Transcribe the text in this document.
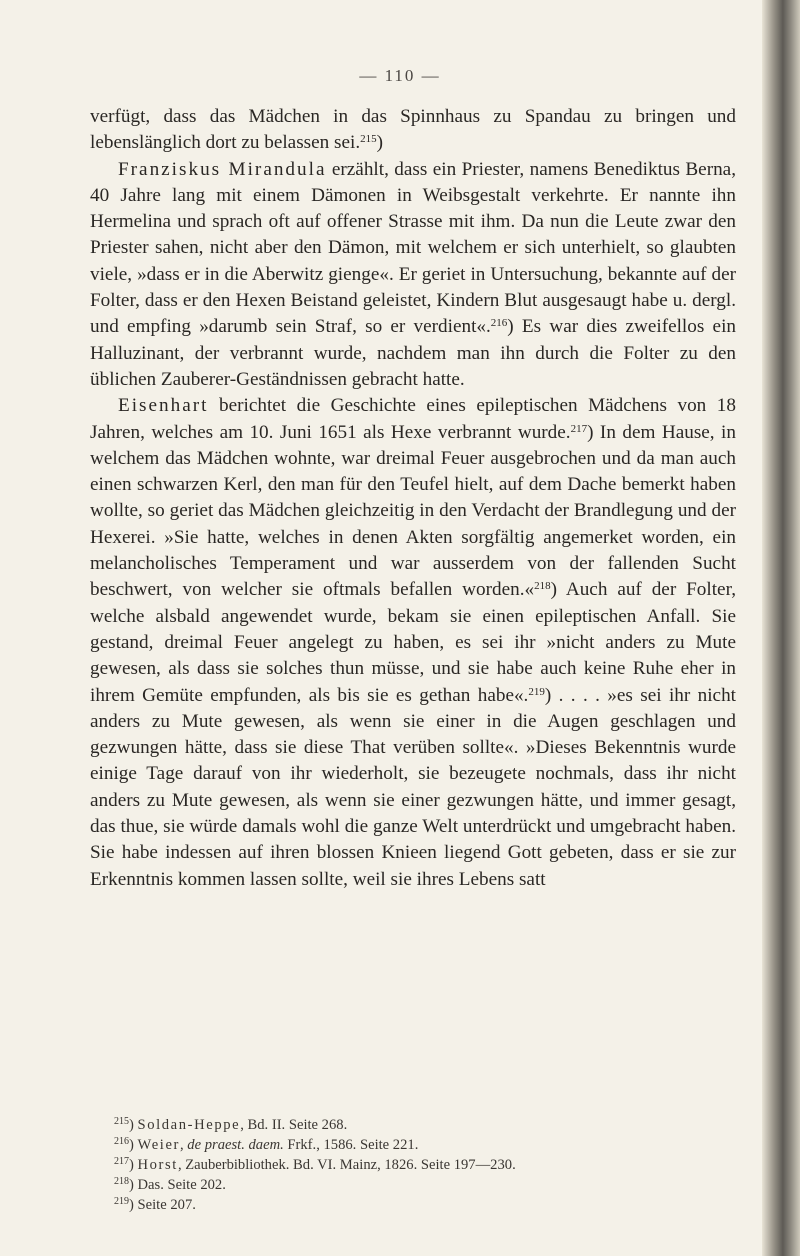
— 110 —

verfügt, dass das Mädchen in das Spinnhaus zu Spandau zu bringen und lebenslänglich dort zu belassen sei.$^{215}$)

Franziskus Mirandula erzählt, dass ein Priester, namens Benediktus Berna, 40 Jahre lang mit einem Dämonen in Weibsgestalt verkehrte. Er nannte ihn Hermelina und sprach oft auf offener Strasse mit ihm. Da nun die Leute zwar den Priester sahen, nicht aber den Dämon, mit welchem er sich unterhielt, so glaubten viele, »dass er in die Aberwitz gienge«. Er geriet in Untersuchung, bekannte auf der Folter, dass er den Hexen Beistand geleistet, Kindern Blut ausgesaugt habe u. dergl. und empfing »darumb sein Straf, so er verdient«.$^{216}$) Es war dies zweifellos ein Halluzinant, der verbrannt wurde, nachdem man ihn durch die Folter zu den üblichen Zauberer-Geständnissen gebracht hatte.

Eisenhart berichtet die Geschichte eines epileptischen Mädchens von 18 Jahren, welches am 10. Juni 1651 als Hexe verbrannt wurde.$^{217}$) In dem Hause, in welchem das Mädchen wohnte, war dreimal Feuer ausgebrochen und da man auch einen schwarzen Kerl, den man für den Teufel hielt, auf dem Dache bemerkt haben wollte, so geriet das Mädchen gleichzeitig in den Verdacht der Brandlegung und der Hexerei. »Sie hatte, welches in denen Akten sorgfältig angemerket worden, ein melancholisches Temperament und war ausserdem von der fallenden Sucht beschwert, von welcher sie oftmals befallen worden.«$^{218}$) Auch auf der Folter, welche alsbald angewendet wurde, bekam sie einen epileptischen Anfall. Sie gestand, dreimal Feuer angelegt zu haben, es sei ihr »nicht anders zu Mute gewesen, als dass sie solches thun müsse, und sie habe auch keine Ruhe eher in ihrem Gemüte empfunden, als bis sie es gethan habe«.$^{219}$) . . . . »es sei ihr nicht anders zu Mute gewesen, als wenn sie einer in die Augen geschlagen und gezwungen hätte, dass sie diese That verüben sollte«. »Dieses Bekenntnis wurde einige Tage darauf von ihr wiederholt, sie bezeugete nochmals, dass ihr nicht anders zu Mute gewesen, als wenn sie einer gezwungen hätte, und immer gesagt, das thue, sie würde damals wohl die ganze Welt unterdrückt und umgebracht haben. Sie habe indessen auf ihren blossen Knieen liegend Gott gebeten, dass er sie zur Erkenntnis kommen lassen sollte, weil sie ihres Lebens satt

$^{215}$) Soldan-Heppe, Bd. II. Seite 268.
$^{216}$) Weier, de praest. daem. Frkf., 1586. Seite 221.
$^{217}$) Horst, Zauberbibliothek. Bd. VI. Mainz, 1826. Seite 197—230.
$^{218}$) Das. Seite 202.
$^{219}$) Seite 207.
